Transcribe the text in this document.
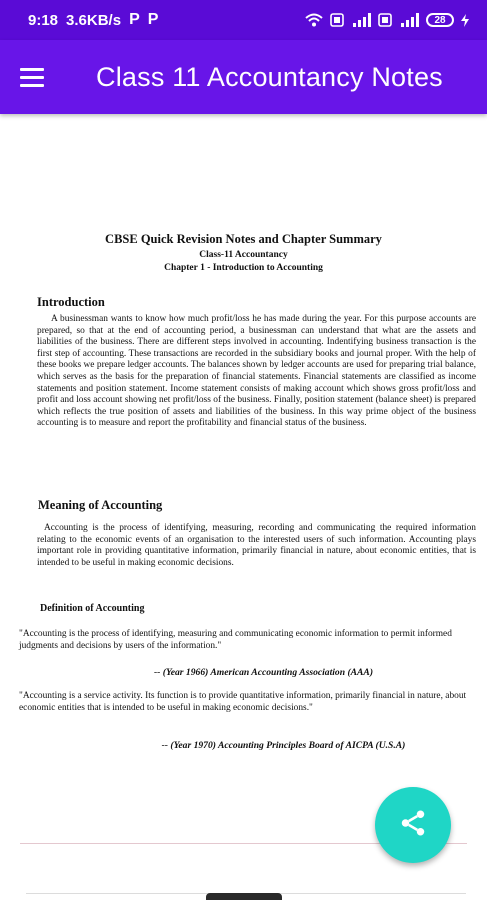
9:18 3.6KB/s P P	28
Class 11 Accountancy Notes
CBSE Quick Revision Notes and Chapter Summary
Class-11 Accountancy
Chapter 1 - Introduction to Accounting
Introduction

A businessman wants to know how much profit/loss he has made during the year. For this purpose accounts are prepared, so that at the end of accounting period, a businessman can understand that what are the assets and liabilities of the business. There are different steps involved in accounting. Indentifying business transaction is the first step of accounting. These transactions are recorded in the subsidiary books and journal proper. With the help of these books we prepare ledger accounts. The balances shown by ledger accounts are used for preparing trial balance, which serves as the basis for the preparation of financial statements. Financial statements are classified as income statements and position statement. Income statement consists of making account which shows gross profit/loss and profit and loss account showing net profit/loss of the business. Finally, position statement (balance sheet) is prepared which reflects the true position of assets and liabilities of the business. In this way prime object of the business accounting is to measure and report the profitability and financial status of the business.

Meaning of Accounting

Accounting is the process of identifying, measuring, recording and communicating the required information relating to the economic events of an organisation to the interested users of such information. Accounting plays important role in providing quantitative information, primarily financial in nature, about economic entities, that is intended to be useful in making economic decisions.

Definition of Accounting

"Accounting is the process of identifying, measuring and communicating economic information to permit informed judgments and decisions by users of the information."

-- (Year 1966) American Accounting Association (AAA)

"Accounting is a service activity. Its function is to provide quantitative information, primarily financial in nature, about economic entities that is intended to be useful in making economic decisions."

-- (Year 1970) Accounting Principles Board of AICPA (U.S.A)
